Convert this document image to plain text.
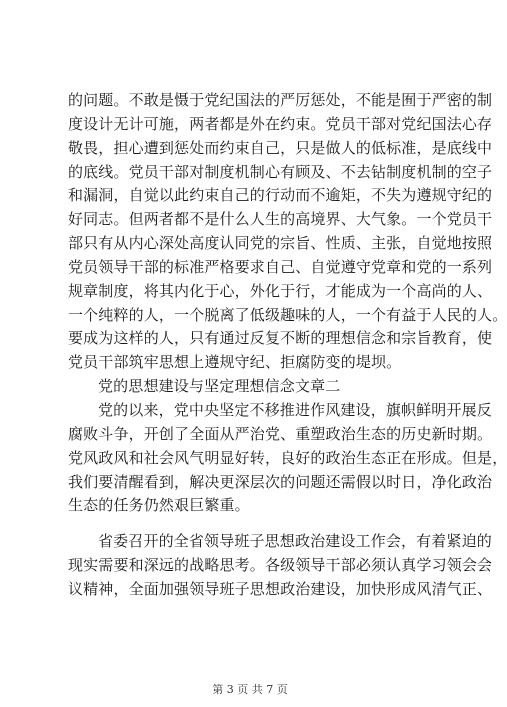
的问题。不敢是慑于党纪国法的严厉惩处，不能是囿于严密的制
度设计无计可施，两者都是外在约束。党员干部对党纪国法心存
敬畏，担心遭到惩处而约束自己，只是做人的低标准，是底线中
的底线。党员干部对制度机制心有顾及、不去钻制度机制的空子
和漏洞，自觉以此约束自己的行动而不逾矩，不失为遵规守纪的
好同志。但两者都不是什么人生的高境界、大气象。一个党员干
部只有从内心深处高度认同党的宗旨、性质、主张，自觉地按照
党员领导干部的标准严格要求自己、自觉遵守党章和党的一系列
规章制度，将其内化于心，外化于行，才能成为一个高尚的人、
一个纯粹的人，一个脱离了低级趣味的人，一个有益于人民的人。
要成为这样的人，只有通过反复不断的理想信念和宗旨教育，使
党员干部筑牢思想上遵规守纪、拒腐防变的堤坝。
党的思想建设与坚定理想信念文章二
党的以来，党中央坚定不移推进作风建设，旗帜鲜明开展反
腐败斗争，开创了全面从严治党、重塑政治生态的历史新时期。
党风政风和社会风气明显好转，良好的政治生态正在形成。但是，
我们要清醒看到，解决更深层次的问题还需假以时日，净化政治
生态的任务仍然艰巨繁重。
省委召开的全省领导班子思想政治建设工作会，有着紧迫的
现实需要和深远的战略思考。各级领导干部必须认真学习领会会
议精神，全面加强领导班子思想政治建设，加快形成风清气正、
第 3 页 共 7 页
